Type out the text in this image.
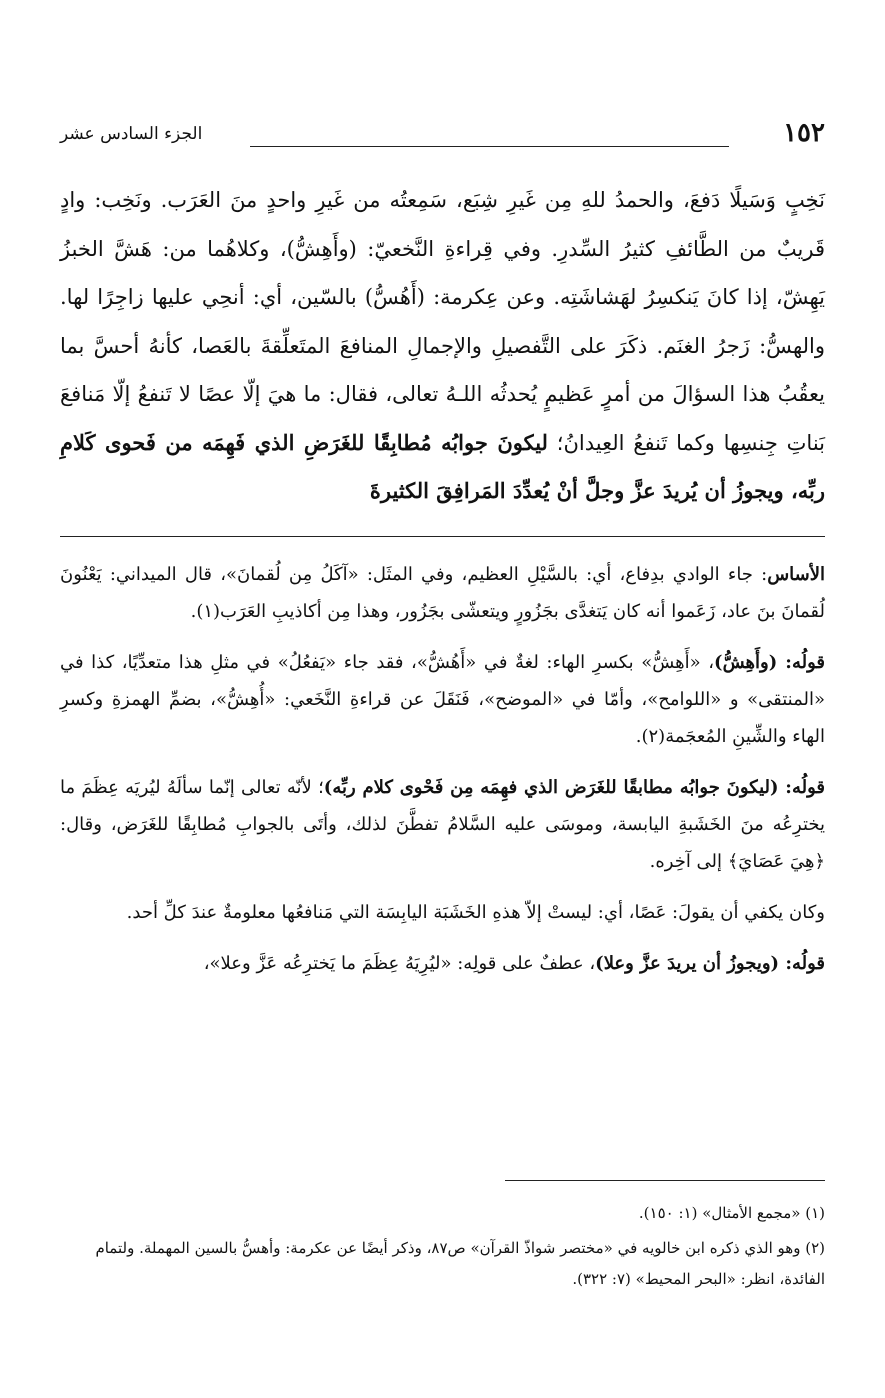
١٥٢
الجزء السادس عشر
نَخِبٍ وَسَيلًا دَفعَ، والحمدُ للهِ مِن غَيرِ شِبَع، سَمِعتُه من غَيرِ واحدٍ منَ العَرَب. ونَخِب: وادٍ قَريبٌ من الطَّائفِ كثيرُ السِّدرِ. وفي قِراءةِ النَّخعيّ: (وأَهِشُّ)، وكلاهُما من: هَشَّ الخبزُ يَهِشّ، إذا كانَ يَنكسِرُ لهَشاشَتِه. وعن عِكرمة: (أَهُسُّ) بالسّين، أي: أنحِي عليها زاجِرًا لها. والهسُّ: زَجرُ الغنَم. ذكَرَ على التَّفصيلِ والإجمالِ المنافعَ المتَعلِّقةَ بالعَصا، كأنهُ أحسَّ بما يعقُبُ هذا السؤالَ من أمرٍ عَظيمٍ يُحدثُه اللـهُ تعالى، فقال: ما هيَ إلّا عصًا لا تَنفعُ إلّا مَنافعَ بَناتِ جِنسِها وكما تَنفعُ العِيدانُ؛ ليكونَ جوابُه مُطابِقًا للغَرَضِ الذي فَهِمَه من فَحوى كَلامِ ربِّه، ويجوزُ أن يُريدَ عزَّ وجلَّ أنْ يُعدِّدَ المَرافِقَ الكثيرةَ

الأساس: جاء الوادي بدِفاع، أي: بالسَّيْلِ العظيم، وفي المثَل: «آكَلُ مِن لُقمانَ»، قال الميداني: يَعْنُونَ لُقمانَ بنَ عاد، زَعَموا أنه كان يَتغدَّى بجَزُورٍ ويتعشّى بجَزُور، وهذا مِن أكاذيبِ العَرَب(١).

قولُه: (وأَهِشُّ)، «أَهِشُّ» بكسرِ الهاء: لغةٌ في «أَهُشُّ»، فقد جاء «يَفعُلُ» في مثلِ هذا متعدِّيًا، كذا في «المنتقى» و «اللوامح»، وأمّا في «الموضح»، فَنَقَلَ عن قراءةِ النَّخَعي: «أُهِشُّ»، بضمِّ الهمزةِ وكسرِ الهاء والشِّينِ المُعجَمة(٢).

قولُه: (ليكونَ جوابُه مطابقًا للغَرَض الذي فهِمَه مِن فَحْوى كلام ربِّه)؛ لأنّه تعالى إنّما سألَهُ ليُريَه عِظَمَ ما يخترِعُه منَ الخَشَبةِ اليابسة، وموسَى عليه السَّلامُ تفطَّنَ لذلك، وأتَى بالجوابِ مُطابِقًا للغَرَض، وقال: ﴿هِيَ عَصَايَ﴾ إلى آخِره.

وكان يكفي أن يقولَ: عَصًا، أي: ليستْ إلاّ هذهِ الخَشَبَة اليابِسَة التي مَنافعُها معلومةٌ عندَ كلِّ أحد.

قولُه: (ويجوزُ أن يريدَ عزَّ وعلا)، عطفٌ على قولِه: «ليُرِيَهُ عِظَمَ ما يَخترِعُه عَزَّ وعلا»،

(١) «مجمع الأمثال» (١: ١٥٠).

(٢) وهو الذي ذكره ابن خالويه في «مختصر شواذّ القرآن» ص٨٧، وذكر أيضًا عن عكرمة: وأهسُّ بالسين المهملة. ولتمام الفائدة، انظر: «البحر المحيط» (٧: ٣٢٢).
